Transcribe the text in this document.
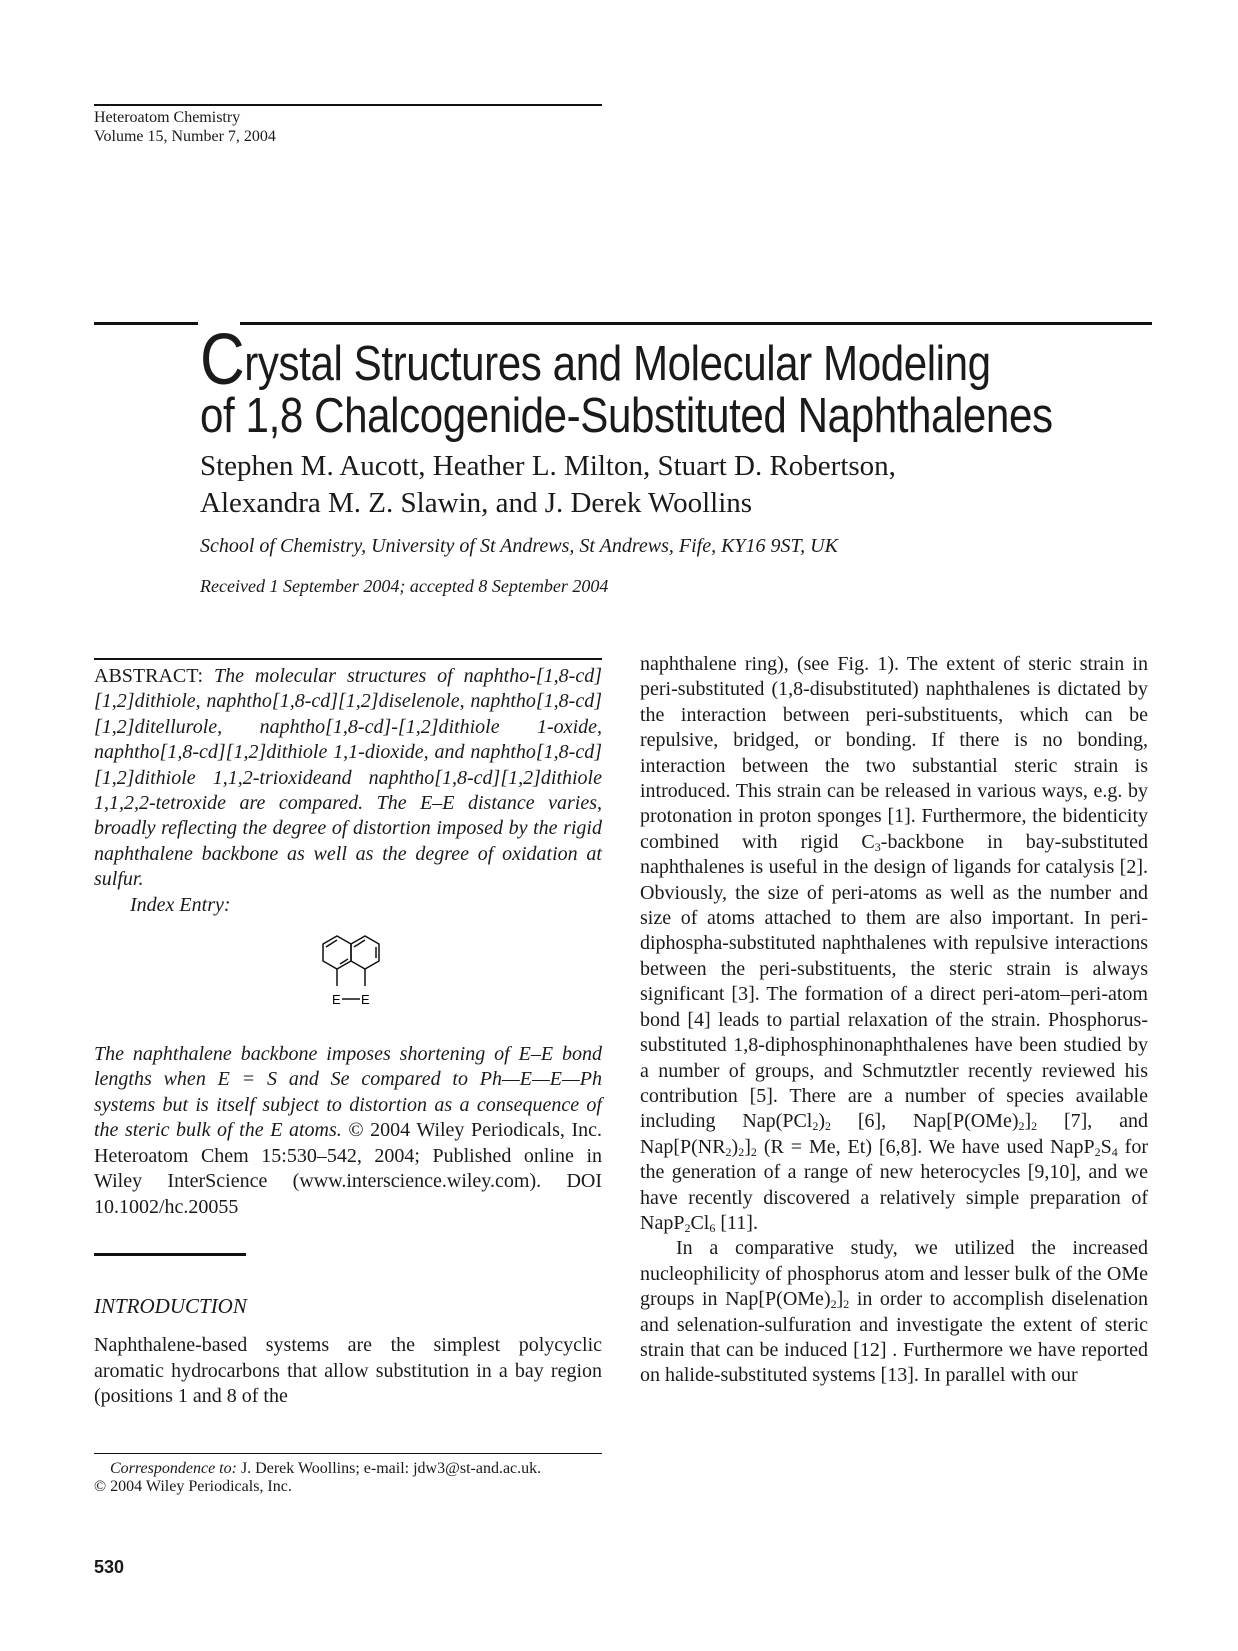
Heteroatom Chemistry
Volume 15, Number 7, 2004
Crystal Structures and Molecular Modeling
of 1,8 Chalcogenide-Substituted Naphthalenes
Stephen M. Aucott, Heather L. Milton, Stuart D. Robertson,
Alexandra M. Z. Slawin, and J. Derek Woollins
School of Chemistry, University of St Andrews, St Andrews, Fife, KY16 9ST, UK
Received 1 September 2004; accepted 8 September 2004

ABSTRACT: The molecular structures of naphtho-[1,8-cd][1,2]dithiole, naphtho[1,8-cd][1,2]diselenole, naphtho[1,8-cd][1,2]ditellurole, naphtho[1,8-cd]-[1,2]dithiole 1-oxide, naphtho[1,8-cd][1,2]dithiole 1,1-dioxide, and naphtho[1,8-cd][1,2]dithiole 1,1,2-trioxideand naphtho[1,8-cd][1,2]dithiole 1,1,2,2-tetroxide are compared. The E–E distance varies, broadly reflecting the degree of distortion imposed by the rigid naphthalene backbone as well as the degree of oxidation at sulfur.

Index Entry:

E E

The naphthalene backbone imposes shortening of E–E bond lengths when E = S and Se compared to Ph—E—E—Ph systems but is itself subject to distortion as a consequence of the steric bulk of the E atoms. © 2004 Wiley Periodicals, Inc. Heteroatom Chem 15:530–542, 2004; Published online in Wiley InterScience (www.interscience.wiley.com). DOI 10.1002/hc.20055

INTRODUCTION

Naphthalene-based systems are the simplest polycyclic aromatic hydrocarbons that allow substitution in a bay region (positions 1 and 8 of the

Correspondence to: J. Derek Woollins; e-mail: jdw3@st-and.ac.uk.
© 2004 Wiley Periodicals, Inc.
530

naphthalene ring), (see Fig. 1). The extent of steric strain in peri-substituted (1,8-disubstituted) naphthalenes is dictated by the interaction between peri-substituents, which can be repulsive, bridged, or bonding. If there is no bonding, interaction between the two substantial steric strain is introduced. This strain can be released in various ways, e.g. by protonation in proton sponges [1]. Furthermore, the bidenticity combined with rigid $C_3$-backbone in bay-substituted naphthalenes is useful in the design of ligands for catalysis [2]. Obviously, the size of peri-atoms as well as the number and size of atoms attached to them are also important. In peri-diphospha-substituted naphthalenes with repulsive interactions between the peri-substituents, the steric strain is always significant [3]. The formation of a direct peri-atom–peri-atom bond [4] leads to partial relaxation of the strain. Phosphorus-substituted 1,8-diphosphinonaphthalenes have been studied by a number of groups, and Schmutztler recently reviewed his contribution [5]. There are a number of species available including $Nap(PCl_2)_2$ [6], $Nap[P(OMe)_2]_2$ [7], and $Nap[P(NR_2)_2]_2$ (R = Me, Et) [6,8]. We have used $NapP_2S_4$ for the generation of a range of new heterocycles [9,10], and we have recently discovered a relatively simple preparation of $NapP_2Cl_6$ [11].

In a comparative study, we utilized the increased nucleophilicity of phosphorus atom and lesser bulk of the OMe groups in $Nap[P(OMe)_2]_2$ in order to accomplish diselenation and selenation-sulfuration and investigate the extent of steric strain that can be induced [12] . Furthermore we have reported on halide-substituted systems [13]. In parallel with our
